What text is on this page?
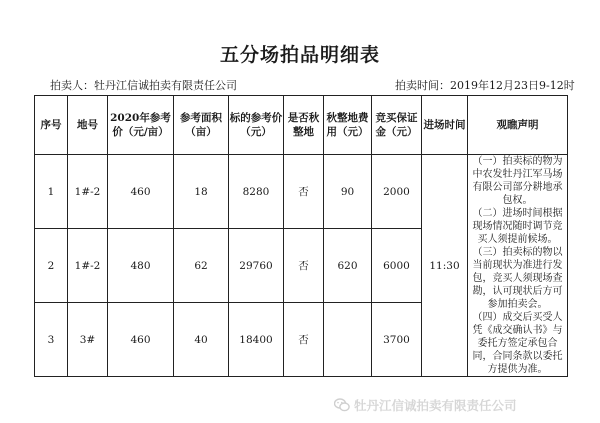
五分场拍品明细表
拍卖人：牡丹江信诚拍卖有限责任公司	拍卖时间：2019年12月23日9-12时
序号	地号	2020年参考价（元/亩）	参考面积（亩）	标的参考价（元）	是否秋整地	秋整地费用（元）	竞买保证金（元）	进场时间	观瞧声明
1	1#-2	460	18	8280	否	90	2000	11:30	（一）拍卖标的物为中农发牡丹江军马场有限公司部分耕地承包权。
（二）进场时间根据现场情况随时调节竞买人须提前候场。
（三）拍卖标的物以当前现状为准进行发包，竞买人须现场查勘，认可现状后方可参加拍卖会。
（四）成交后买受人凭《成交确认书》与委托方签定承包合同，合同条款以委托方提供为准。

2	1#-2	480	62	29760	否	620	6000		
3	3#	460	40	18400	否		3700		
牡丹江信诚拍卖有限责任公司
